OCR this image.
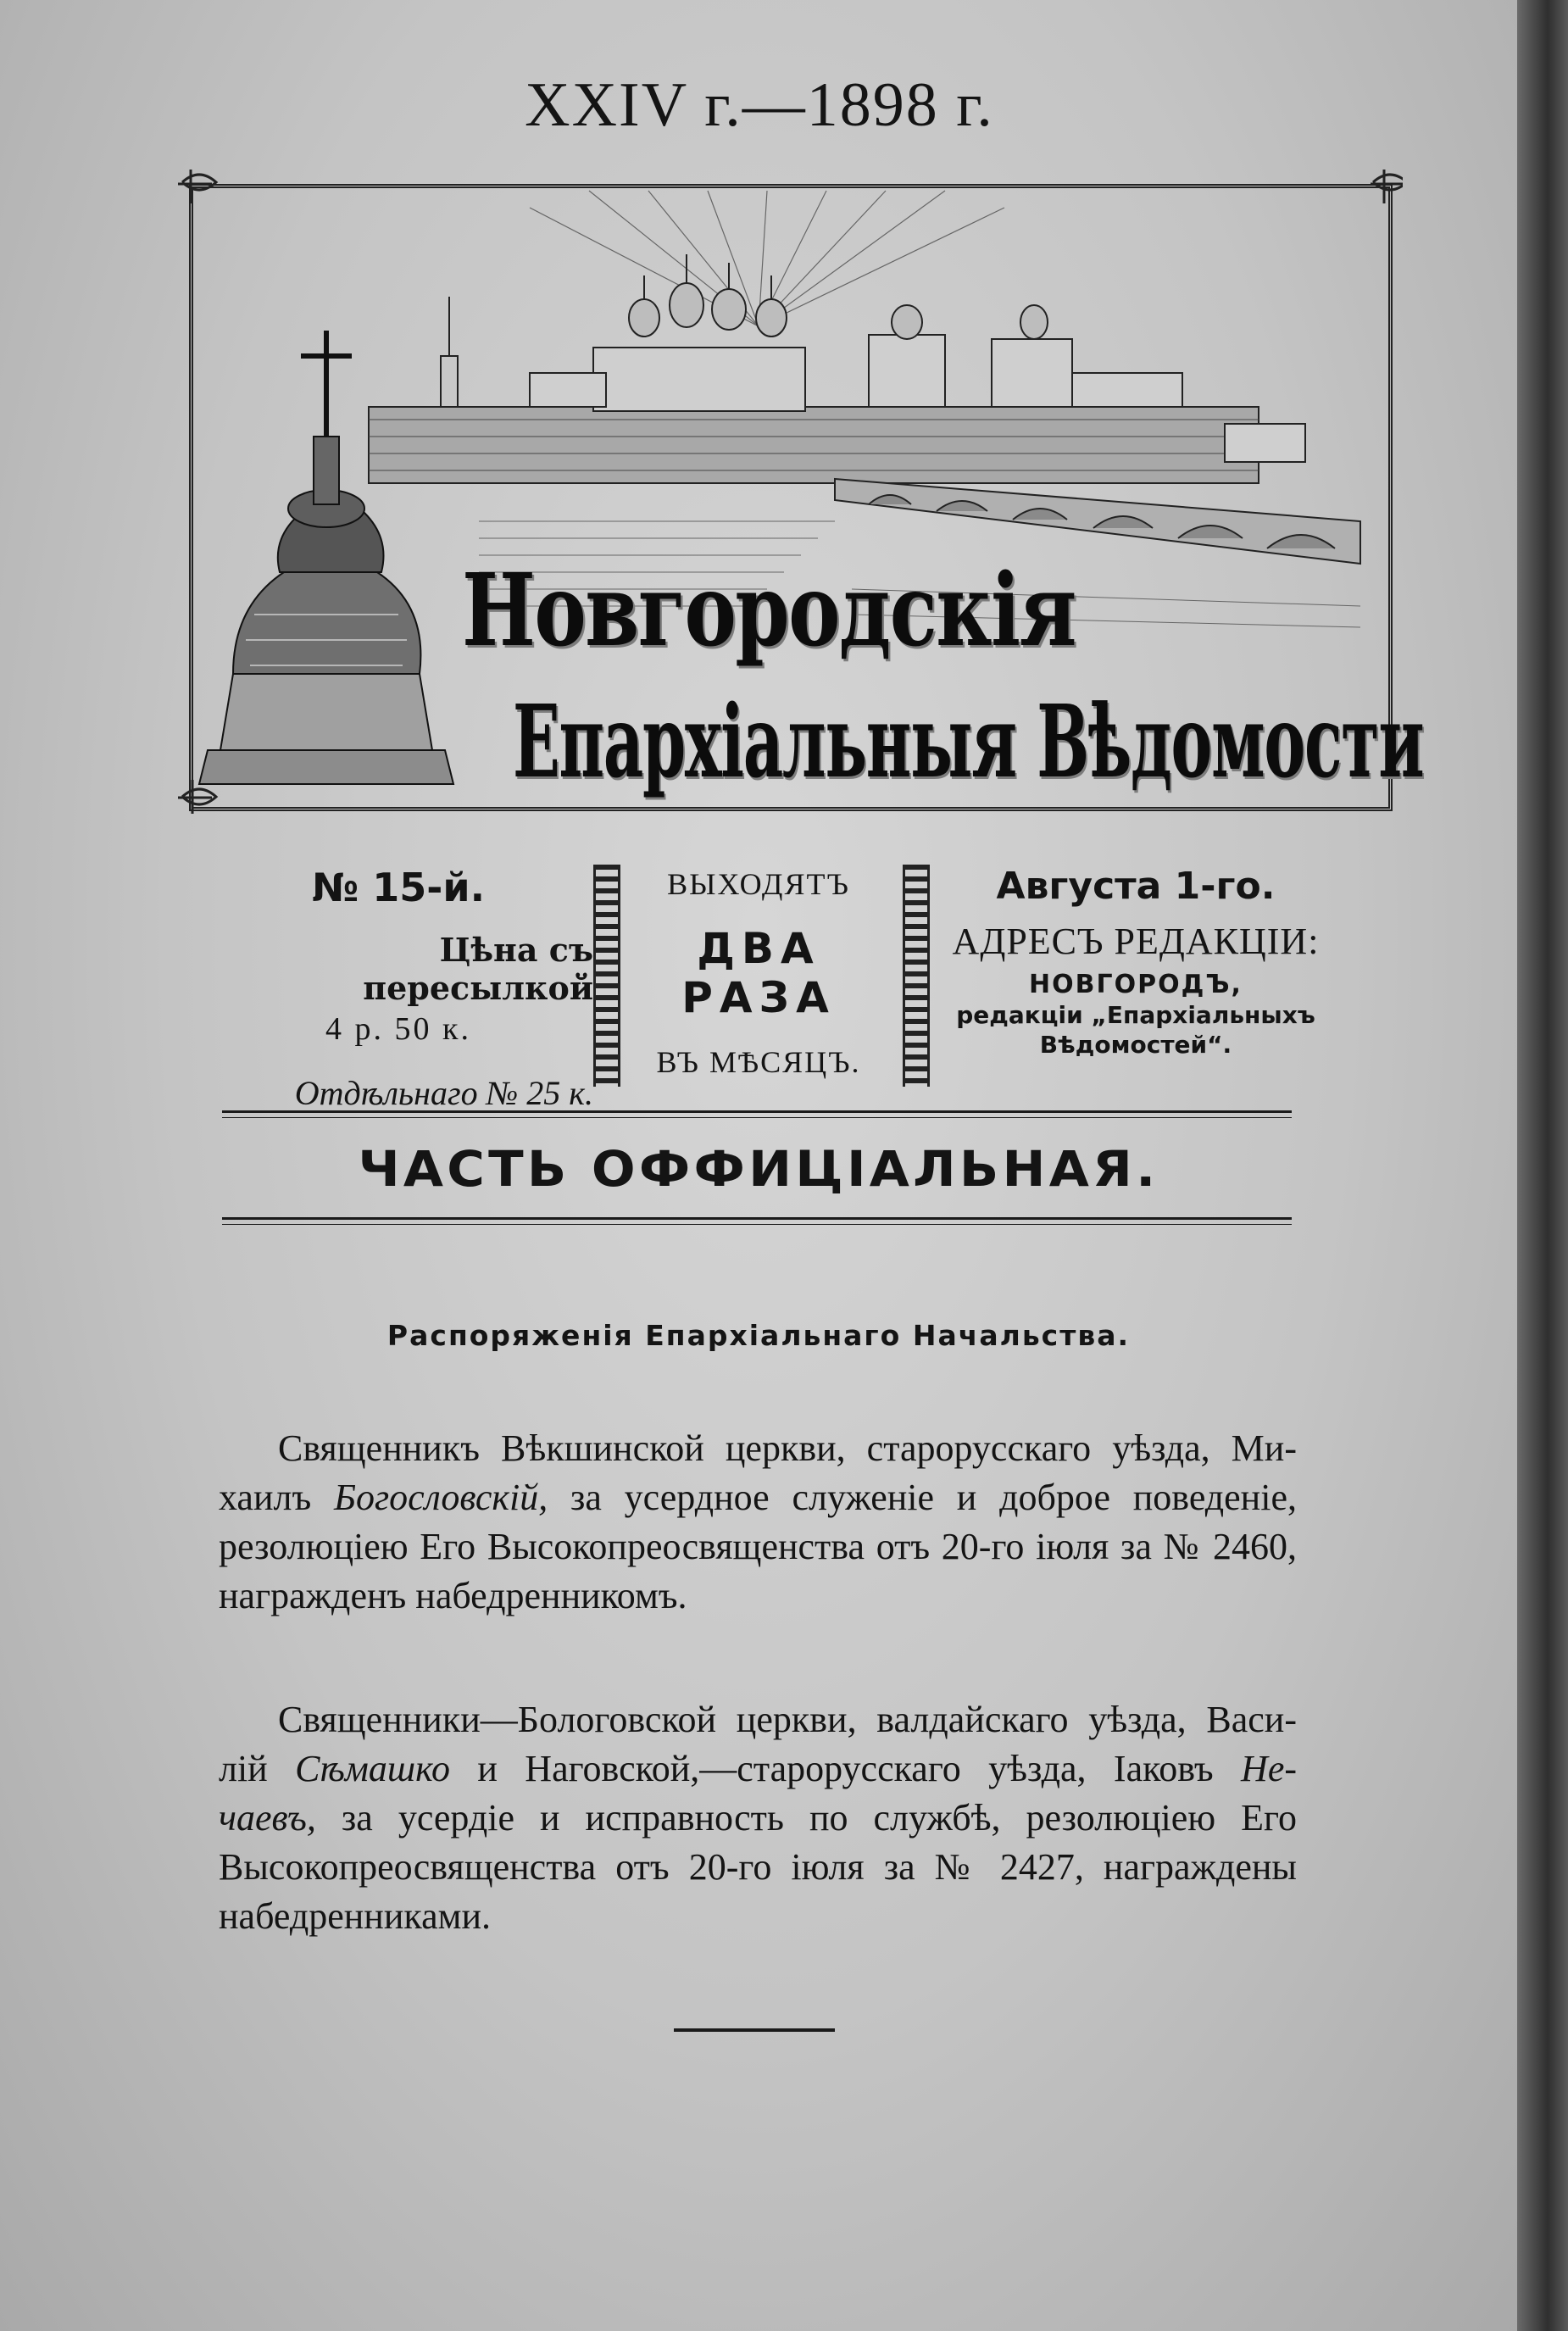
XXIV г.—1898 г.
Новгородскія
Епархіальныя Вѣдомости
№ 15-й.
Цѣна съ пересылкой
4 р. 50 к.
Отдѣльнаго № 25 к.
ВЫХОДЯТЪ
ДВА РАЗА
ВЪ МѢСЯЦЪ.
Августа 1-го.
АДРЕСЪ РЕДАКЦІИ:
НОВГОРОДЪ,
редакціи „Епархіальныхъ
Вѣдомостей“.
ЧАСТЬ ОФФИЦІАЛЬНАЯ.
Распоряженія Епархіальнаго Начальства.
Священникъ Вѣкшинской церкви, старорусскаго уѣзда, Ми-
хаилъ Богословскій, за усердное служеніе и доброе поведеніе,
резолюціею Его Высокопреосвященства отъ 20-го іюля за № 2460,
награжденъ набедренникомъ.
Священники—Бологовской церкви, валдайскаго уѣзда, Васи-
лій Сѣмашко и Наговской,—старорусскаго уѣзда, Іаковъ Не-
чаевъ, за усердіе и исправность по службѣ, резолюціею Его
Высокопреосвященства отъ 20-го іюля за № 2427, награждены
набедренниками.
